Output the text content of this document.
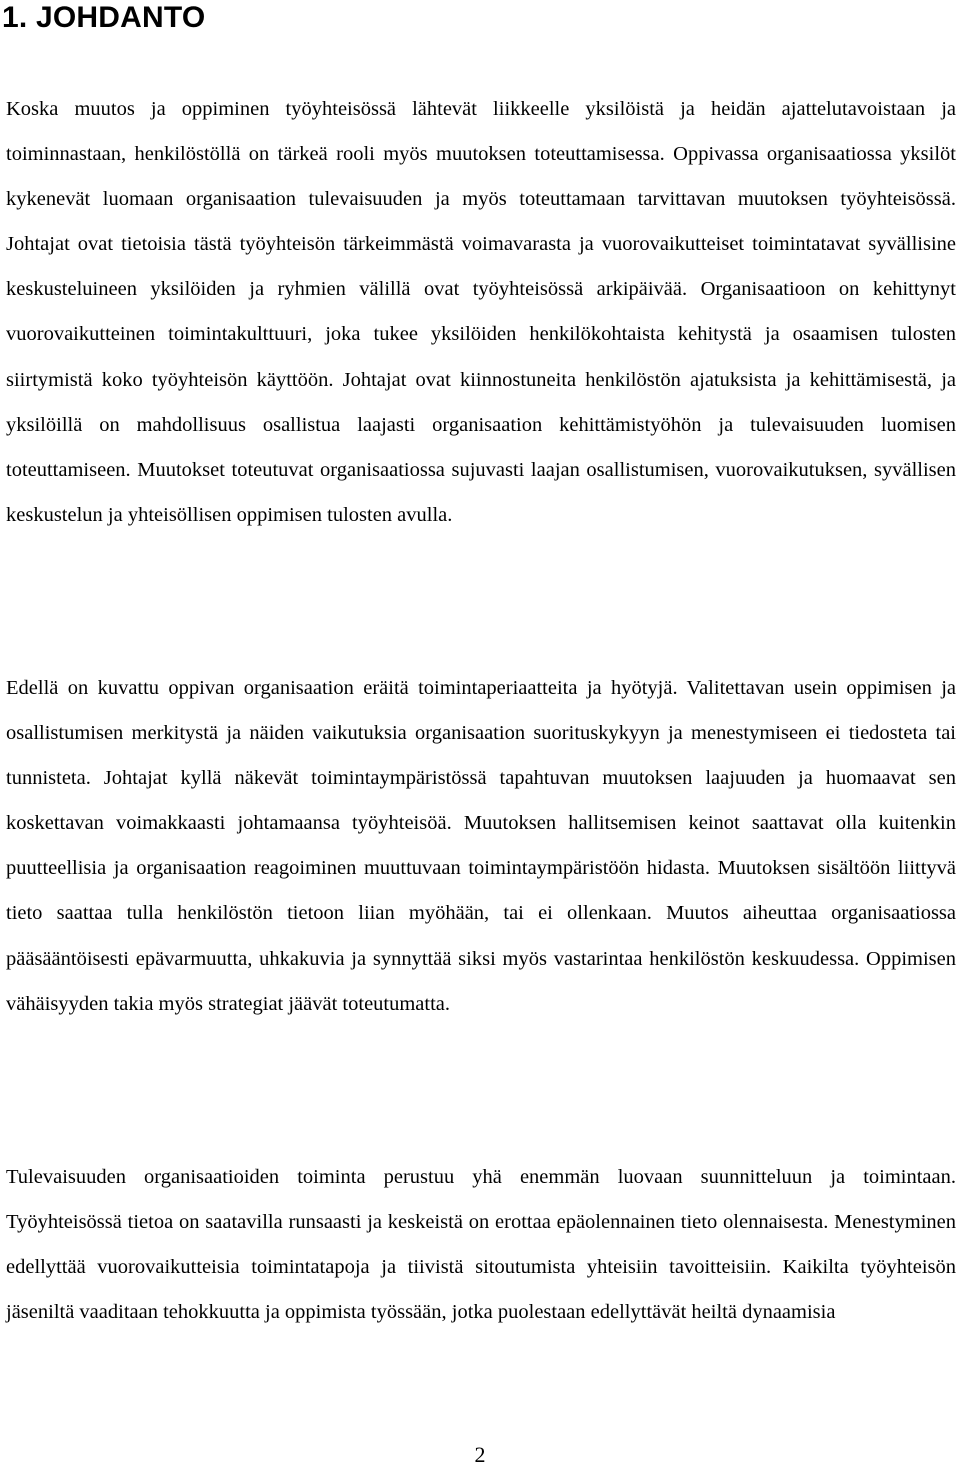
1. JOHDANTO

Koska muutos ja oppiminen työyhteisössä lähtevät liikkeelle yksilöistä ja heidän ajattelutavoistaan ja toiminnastaan, henkilöstöllä on tärkeä rooli myös muutoksen toteuttamisessa. Oppivassa organisaatiossa yksilöt kykenevät luomaan organisaation tulevaisuuden ja myös toteuttamaan tarvittavan muutoksen työyhteisössä. Johtajat ovat tietoisia tästä työyhteisön tärkeimmästä voimavarasta ja vuorovaikutteiset toimintatavat syvällisine keskusteluineen yksilöiden ja ryhmien välillä ovat työyhteisössä arkipäivää. Organisaatioon on kehittynyt vuorovaikutteinen toimintakulttuuri, joka tukee yksilöiden henkilökohtaista kehitystä ja osaamisen tulosten siirtymistä koko työyhteisön käyttöön. Johtajat ovat kiinnostuneita henkilöstön ajatuksista ja kehittämisestä, ja yksilöillä on mahdollisuus osallistua laajasti organisaation kehittämistyöhön ja tulevaisuuden luomisen toteuttamiseen. Muutokset toteutuvat organisaatiossa sujuvasti laajan osallistumisen, vuorovaikutuksen, syvällisen keskustelun ja yhteisöllisen oppimisen tulosten avulla.

Edellä on kuvattu oppivan organisaation eräitä toimintaperiaatteita ja hyötyjä. Valitettavan usein oppimisen ja osallistumisen merkitystä ja näiden vaikutuksia organisaation suorituskykyyn ja menestymiseen ei tiedosteta tai tunnisteta. Johtajat kyllä näkevät toimintaympäristössä tapahtuvan muutoksen laajuuden ja huomaavat sen koskettavan voimakkaasti johtamaansa työyhteisöä. Muutoksen hallitsemisen keinot saattavat olla kuitenkin puutteellisia ja organisaation reagoiminen muuttuvaan toimintaympäristöön hidasta. Muutoksen sisältöön liittyvä tieto saattaa tulla henkilöstön tietoon liian myöhään, tai ei ollenkaan. Muutos aiheuttaa organisaatiossa pääsääntöisesti epävarmuutta, uhkakuvia ja synnyttää siksi myös vastarintaa henkilöstön keskuudessa. Oppimisen vähäisyyden takia myös strategiat jäävät toteutumatta.

Tulevaisuuden organisaatioiden toiminta perustuu yhä enemmän luovaan suunnitteluun ja toimintaan. Työyhteisössä tietoa on saatavilla runsaasti ja keskeistä on erottaa epäolennainen tieto olennaisesta. Menestyminen edellyttää vuorovaikutteisia toimintatapoja ja tiivistä sitoutumista yhteisiin tavoitteisiin. Kaikilta työyhteisön jäseniltä vaaditaan tehokkuutta ja oppimista työssään, jotka puolestaan edellyttävät heiltä dynaamisia

2
